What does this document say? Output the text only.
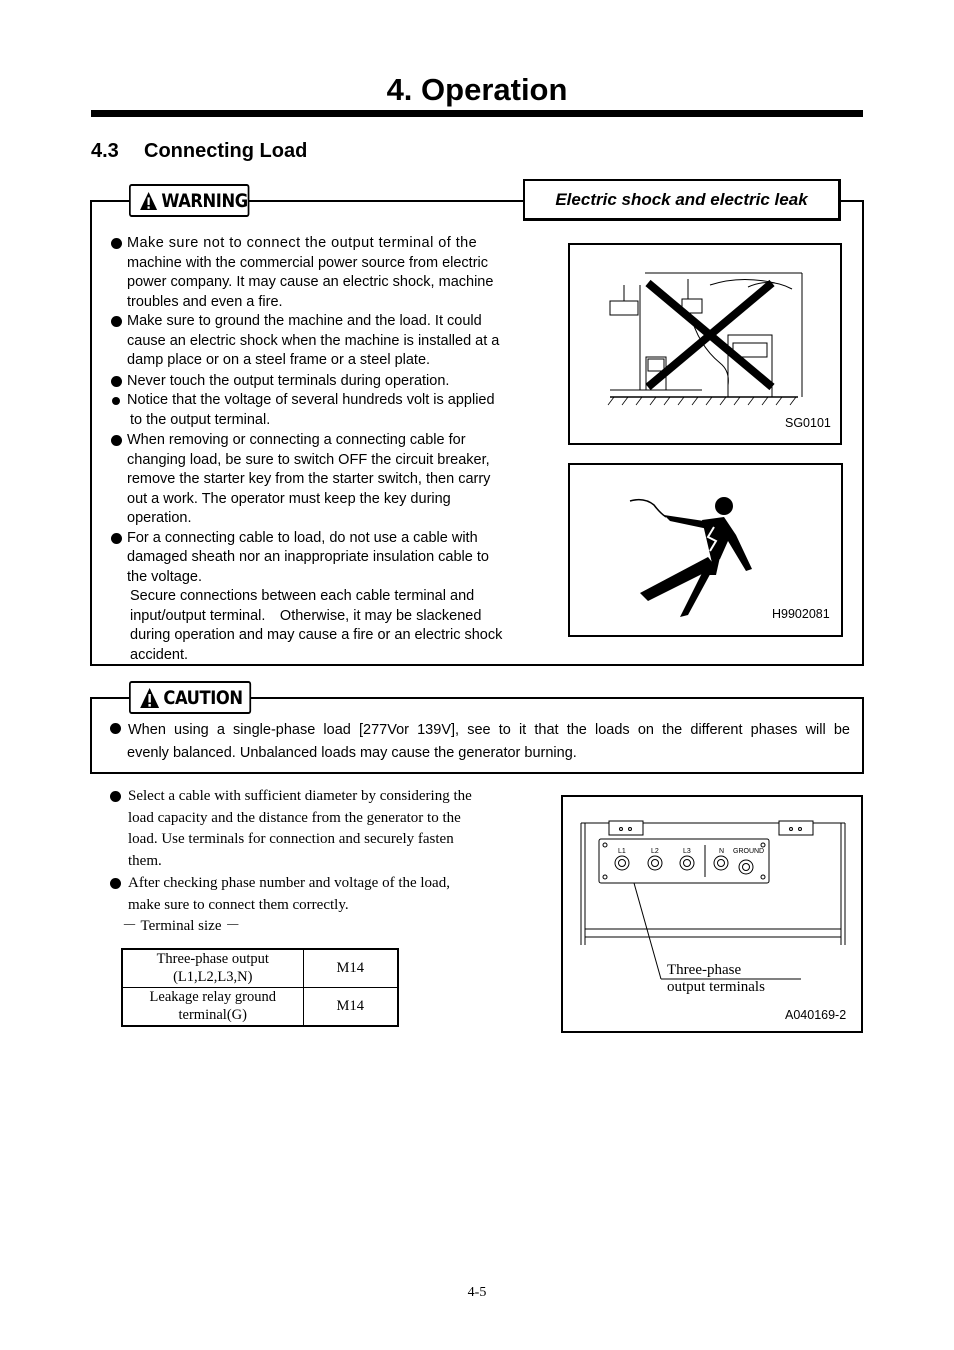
4. Operation
4.3 Connecting Load
WARNING	Electric shock and electric leak
Make sure not to connect the output terminal of the
machine with the commercial power source from electric
power company. It may cause an electric shock, machine
troubles and even a fire.
Make sure to ground the machine and the load. It could
cause an electric shock when the machine is installed at a
damp place or on a steel frame or a steel plate.
Never touch the output terminals during operation.
Notice that the voltage of several hundreds volt is applied
to the output terminal.
When removing or connecting a connecting cable for
changing load, be sure to switch OFF the circuit breaker,
remove the starter key from the starter switch, then carry
out a work. The operator must keep the key during
operation.
For a connecting cable to load, do not use a cable with
damaged sheath nor an inappropriate insulation cable to
the voltage.
Secure connections between each cable terminal and
input/output terminal.　Otherwise, it may be slackened
during operation and may cause a fire or an electric shock
accident.
SG0101
H9902081
CAUTION
When using a single-phase load [277Vor 139V], see to it that the loads on the different phases will be
evenly balanced. Unbalanced loads may cause the generator burning.
Select a cable with sufficient diameter by considering the
load capacity and the distance from the generator to the
load. Use terminals for connection and securely fasten
them.
After checking phase number and voltage of the load,
make sure to connect them correctly.
－ Terminal size －
Three-phase output
(L1,L2,L3,N)	M14

Leakage relay ground
terminal(G)	M14
L1	L2	L3	N GROUND
Three-phase
output terminals
A040169-2
4-5
